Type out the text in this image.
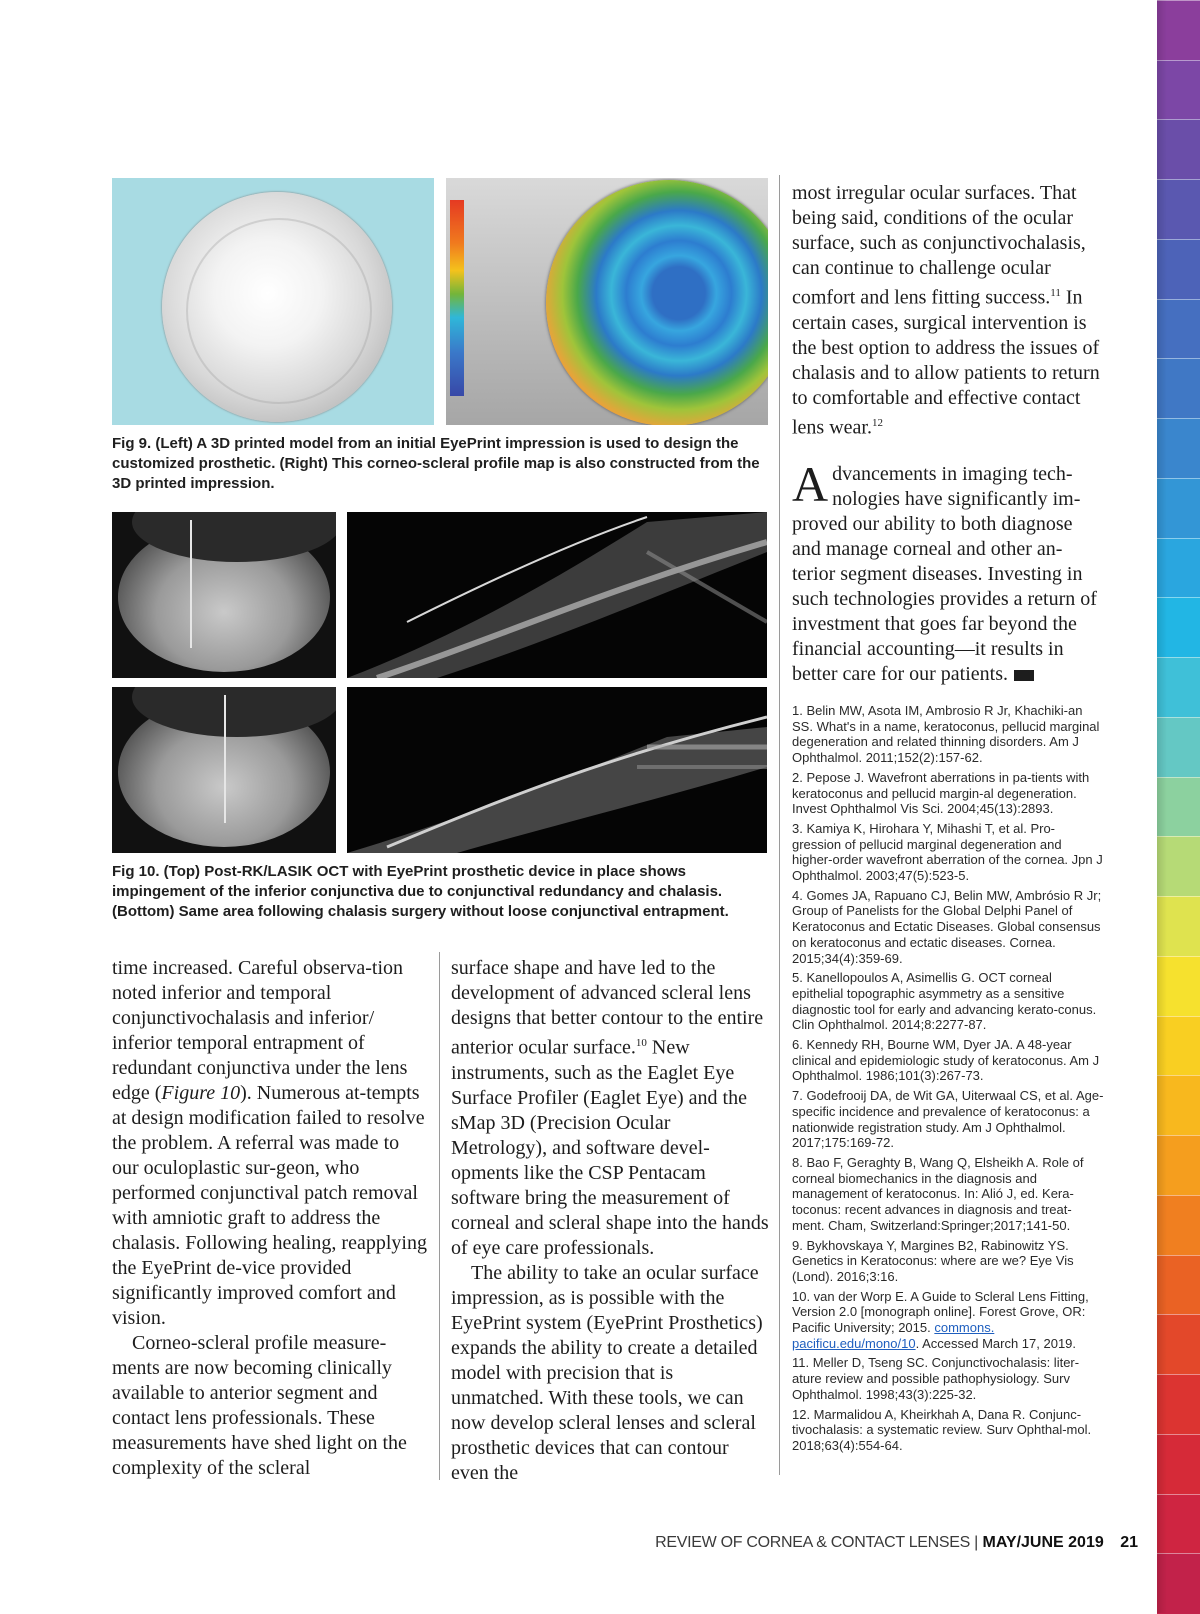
Fig 9. (Left) A 3D printed model from an initial EyePrint impression is used to design the customized prosthetic. (Right) This corneo-scleral profile map is also constructed from the 3D printed impression.

Fig 10. (Top) Post-RK/LASIK OCT with EyePrint prosthetic device in place shows impingement of the inferior conjunctiva due to conjunctival redundancy and chalasis. (Bottom) Same area following chalasis surgery without loose conjunctival entrapment.

time increased. Careful observa-tion noted inferior and temporal conjunctivochalasis and inferior/ inferior temporal entrapment of redundant conjunctiva under the lens edge (Figure 10). Numerous at-tempts at design modification failed to resolve the problem. A referral was made to our oculoplastic sur-geon, who performed conjunctival patch removal with amniotic graft to address the chalasis. Following healing, reapplying the EyePrint de-vice provided significantly improved comfort and vision.

Corneo-scleral profile measure-ments are now becoming clinically available to anterior segment and contact lens professionals. These measurements have shed light on the complexity of the scleral

surface shape and have led to the development of advanced scleral lens designs that better contour to the entire anterior ocular surface.$^{10}$ New instruments, such as the Eaglet Eye Surface Profiler (Eaglet Eye) and the sMap 3D (Precision Ocular Metrology), and software devel-opments like the CSP Pentacam software bring the measurement of corneal and scleral shape into the hands of eye care professionals.

The ability to take an ocular surface impression, as is possible with the EyePrint system (EyePrint Prosthetics) expands the ability to create a detailed model with precision that is unmatched. With these tools, we can now develop scleral lenses and scleral prosthetic devices that can contour even the

most irregular ocular surfaces. That being said, conditions of the ocular surface, such as conjunctivochalasis, can continue to challenge ocular comfort and lens fitting success.$^{11}$ In certain cases, surgical intervention is the best option to address the issues of chalasis and to allow patients to return to comfortable and effective contact lens wear.$^{12}$

Advancements in imaging tech-nologies have significantly im-proved our ability to both diagnose and manage corneal and other an-terior segment diseases. Investing in such technologies provides a return of investment that goes far beyond the financial accounting—it results in better care for our patients.

1. Belin MW, Asota IM, Ambrosio R Jr, Khachiki-an SS. What's in a name, keratoconus, pellucid marginal degeneration and related thinning disorders. Am J Ophthalmol. 2011;152(2):157-62.

2. Pepose J. Wavefront aberrations in pa-tients with keratoconus and pellucid margin-al degeneration. Invest Ophthalmol Vis Sci. 2004;45(13):2893.

3. Kamiya K, Hirohara Y, Mihashi T, et al. Pro-gression of pellucid marginal degeneration and higher-order wavefront aberration of the cornea. Jpn J Ophthalmol. 2003;47(5):523-5.

4. Gomes JA, Rapuano CJ, Belin MW, Ambrósio R Jr; Group of Panelists for the Global Delphi Panel of Keratoconus and Ectatic Diseases. Global consensus on keratoconus and ectatic diseases. Cornea. 2015;34(4):359-69.

5. Kanellopoulos A, Asimellis G. OCT corneal epithelial topographic asymmetry as a sensitive diagnostic tool for early and advancing kerato-conus. Clin Ophthalmol. 2014;8:2277-87.

6. Kennedy RH, Bourne WM, Dyer JA. A 48-year clinical and epidemiologic study of keratoconus. Am J Ophthalmol. 1986;101(3):267-73.

7. Godefrooij DA, de Wit GA, Uiterwaal CS, et al. Age-specific incidence and prevalence of keratoconus: a nationwide registration study. Am J Ophthalmol. 2017;175:169-72.

8. Bao F, Geraghty B, Wang Q, Elsheikh A. Role of corneal biomechanics in the diagnosis and management of keratoconus. In: Alió J, ed. Kera-toconus: recent advances in diagnosis and treat-ment. Cham, Switzerland:Springer;2017;141-50.

9. Bykhovskaya Y, Margines B2, Rabinowitz YS. Genetics in Keratoconus: where are we? Eye Vis (Lond). 2016;3:16.

10. van der Worp E. A Guide to Scleral Lens Fitting, Version 2.0 [monograph online]. Forest Grove, OR: Pacific University; 2015. commons. pacificu.edu/mono/10. Accessed March 17, 2019.

11. Meller D, Tseng SC. Conjunctivochalasis: liter-ature review and possible pathophysiology. Surv Ophthalmol. 1998;43(3):225-32.

12. Marmalidou A, Kheirkhah A, Dana R. Conjunc-tivochalasis: a systematic review. Surv Ophthal-mol. 2018;63(4):554-64.

REVIEW OF CORNEA & CONTACT LENSES | MAY/JUNE 2019 21
